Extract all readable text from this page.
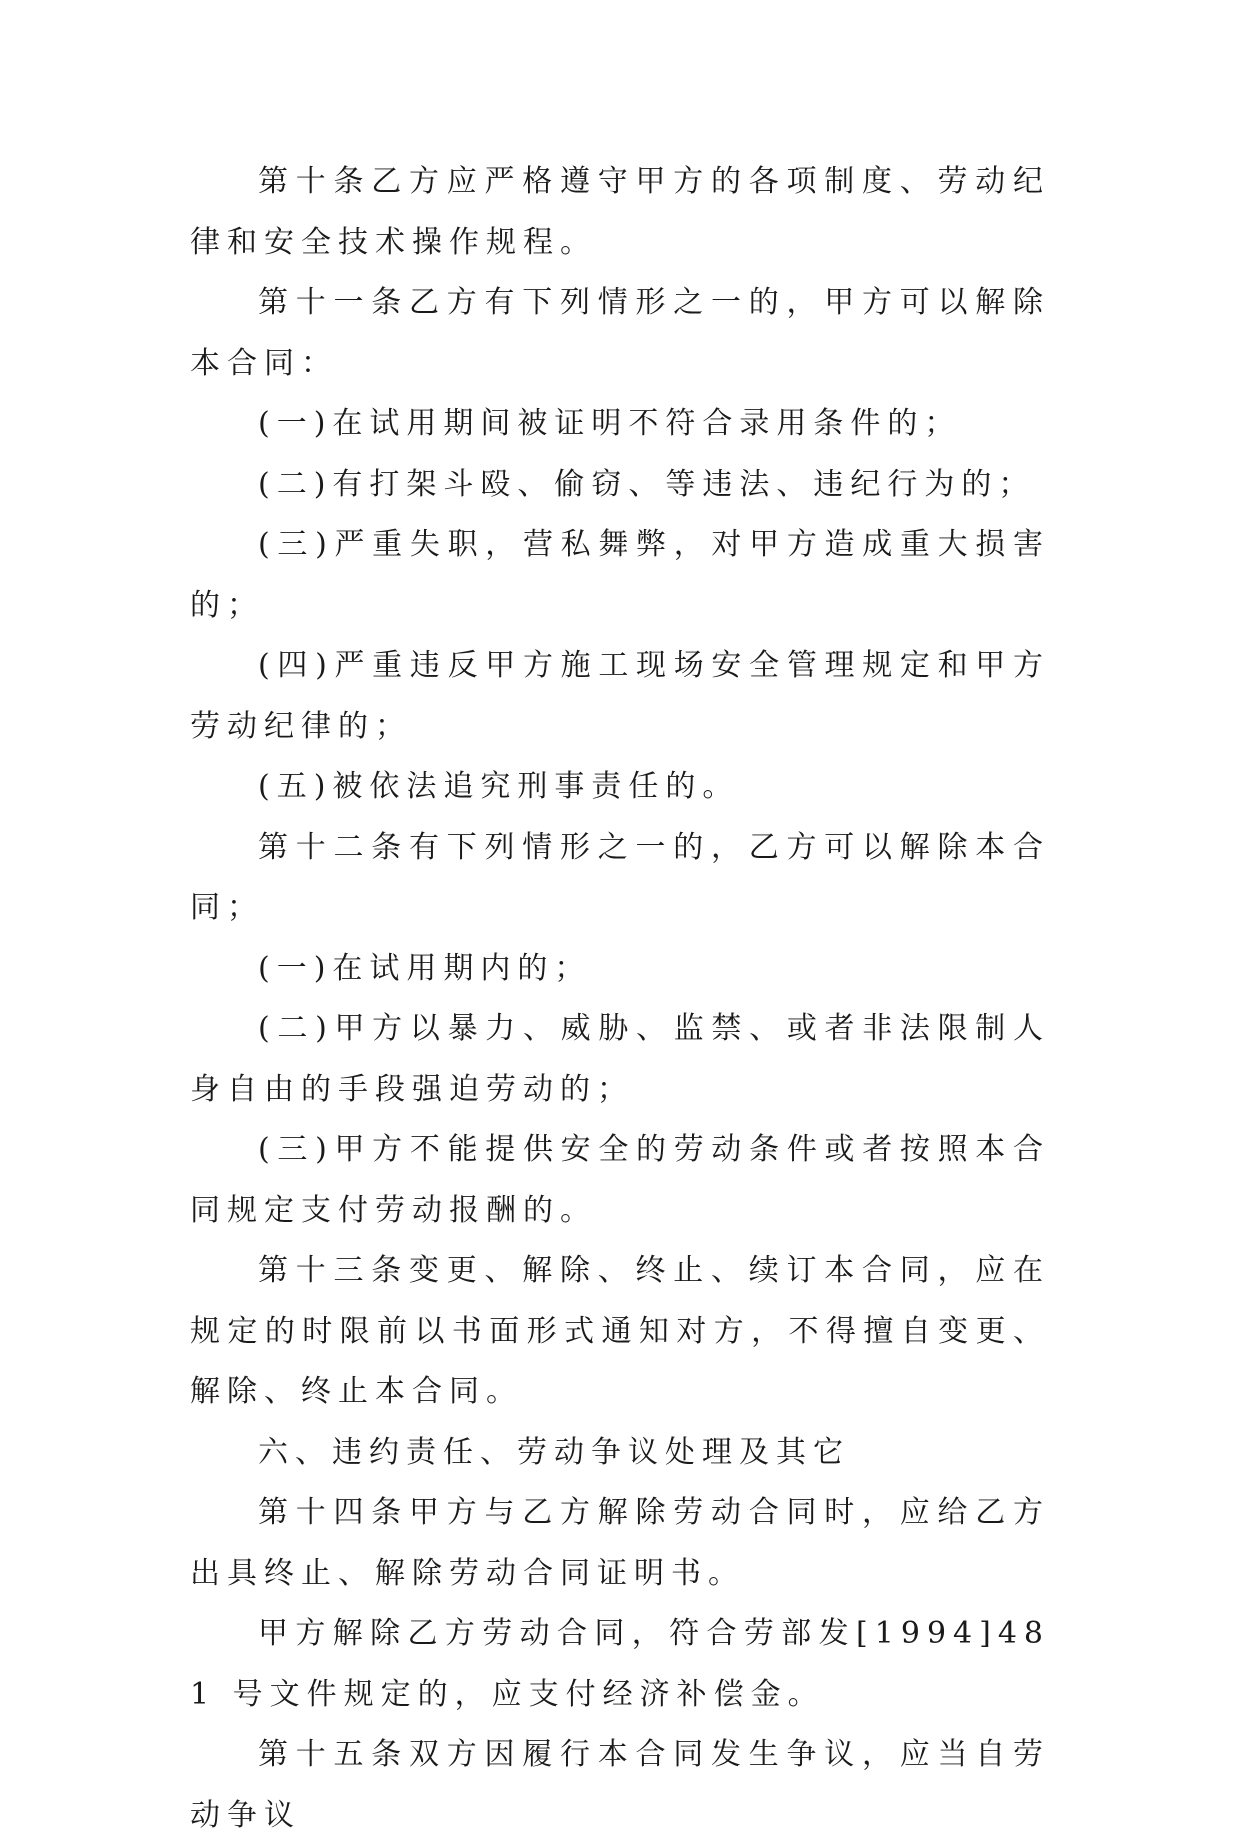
第十条乙方应严格遵守甲方的各项制度、劳动纪律和安全技术操作规程。

第十一条乙方有下列情形之一的，甲方可以解除本合同：

(一)在试用期间被证明不符合录用条件的；

(二)有打架斗殴、偷窃、等违法、违纪行为的；

(三)严重失职，营私舞弊，对甲方造成重大损害的；

(四)严重违反甲方施工现场安全管理规定和甲方劳动纪律的；

(五)被依法追究刑事责任的。

第十二条有下列情形之一的，乙方可以解除本合同；

(一)在试用期内的；

(二)甲方以暴力、威胁、监禁、或者非法限制人身自由的手段强迫劳动的；

(三)甲方不能提供安全的劳动条件或者按照本合同规定支付劳动报酬的。

第十三条变更、解除、终止、续订本合同，应在规定的时限前以书面形式通知对方，不得擅自变更、解除、终止本合同。

六、违约责任、劳动争议处理及其它

第十四条甲方与乙方解除劳动合同时，应给乙方出具终止、解除劳动合同证明书。

甲方解除乙方劳动合同，符合劳部发[1994]481 号文件规定的，应支付经济补偿金。

第十五条双方因履行本合同发生争议，应当自劳动争议
